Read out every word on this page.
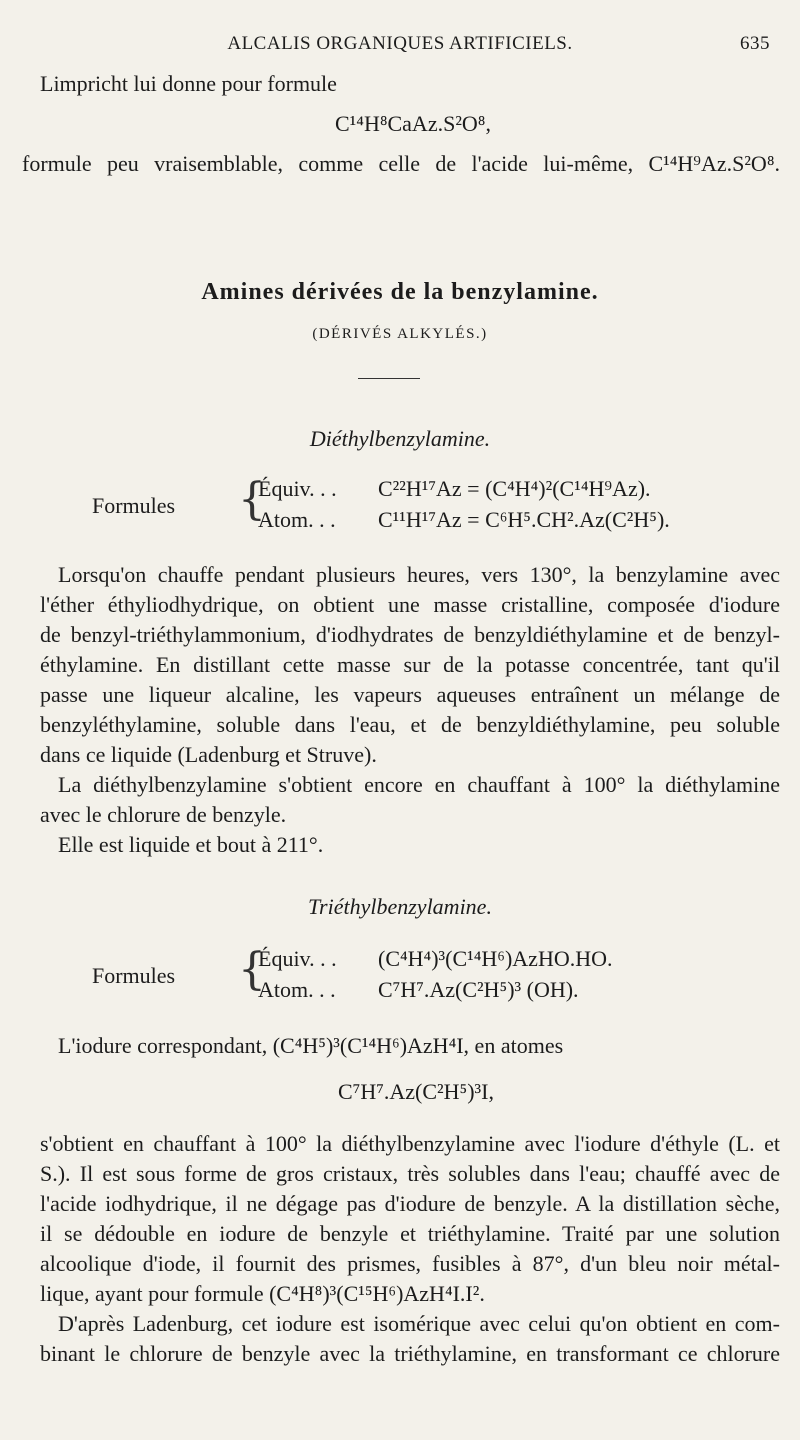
ALCALIS ORGANIQUES ARTIFICIELS.	635
Limpricht lui donne pour formule
C¹⁴H⁸CaAz.S²O⁸,
formule peu vraisemblable, comme celle de l'acide lui-même, C¹⁴H⁹Az.S²O⁸.
Amines dérivées de la benzylamine.
(DÉRIVÉS ALKYLÉS.)
Diéthylbenzylamine.
Formules {
Équiv. . . C²²H¹⁷Az = (C⁴H⁴)²(C¹⁴H⁹Az).
Atom. . . C¹¹H¹⁷Az = C⁶H⁵.CH².Az(C²H⁵).
Lorsqu'on chauffe pendant plusieurs heures, vers 130°, la benzylamine avec
l'éther éthyliodhydrique, on obtient une masse cristalline, composée d'iodure
de benzyl-triéthylammonium, d'iodhydrates de benzyldiéthylamine et de benzyl-
éthylamine. En distillant cette masse sur de la potasse concentrée, tant qu'il
passe une liqueur alcaline, les vapeurs aqueuses entraînent un mélange de
benzyléthylamine, soluble dans l'eau, et de benzyldiéthylamine, peu soluble
dans ce liquide (Ladenburg et Struve).
La diéthylbenzylamine s'obtient encore en chauffant à 100° la diéthylamine
avec le chlorure de benzyle.
Elle est liquide et bout à 211°.
Triéthylbenzylamine.
Formules {
Équiv. . . (C⁴H⁴)³(C¹⁴H⁶)AzHO.HO.
Atom. . . C⁷H⁷.Az(C²H⁵)³ (OH).
L'iodure correspondant, (C⁴H⁵)³(C¹⁴H⁶)AzH⁴I, en atomes
C⁷H⁷.Az(C²H⁵)³I,
s'obtient en chauffant à 100° la diéthylbenzylamine avec l'iodure d'éthyle (L. et
S.). Il est sous forme de gros cristaux, très solubles dans l'eau; chauffé avec de
l'acide iodhydrique, il ne dégage pas d'iodure de benzyle. A la distillation sèche,
il se dédouble en iodure de benzyle et triéthylamine. Traité par une solution
alcoolique d'iode, il fournit des prismes, fusibles à 87°, d'un bleu noir métal-
lique, ayant pour formule (C⁴H⁸)³(C¹⁵H⁶)AzH⁴I.I².
D'après Ladenburg, cet iodure est isomérique avec celui qu'on obtient en com-
binant le chlorure de benzyle avec la triéthylamine, en transformant ce chlorure
